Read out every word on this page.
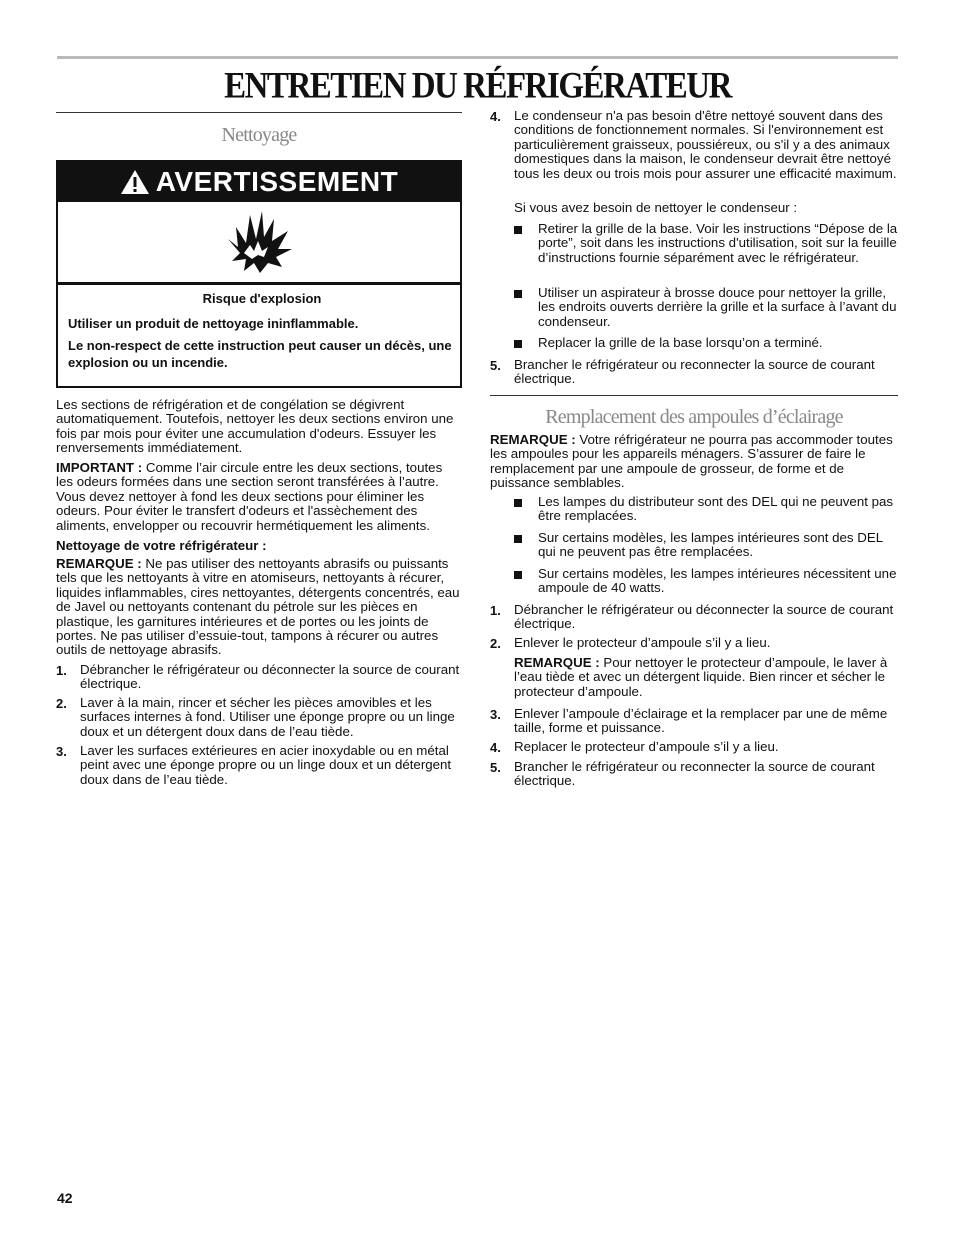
ENTRETIEN DU RÉFRIGÉRATEUR
Nettoyage
AVERTISSEMENT
Risque d'explosion
Utiliser un produit de nettoyage ininflammable.
Le non-respect de cette instruction peut causer un décès, une explosion ou un incendie.

Les sections de réfrigération et de congélation se dégivrent automatiquement. Toutefois, nettoyer les deux sections environ une fois par mois pour éviter une accumulation d'odeurs. Essuyer les renversements immédiatement.

IMPORTANT : Comme l’air circule entre les deux sections, toutes les odeurs formées dans une section seront transférées à l’autre. Vous devez nettoyer à fond les deux sections pour éliminer les odeurs. Pour éviter le transfert d'odeurs et l'assèchement des aliments, envelopper ou recouvrir hermétiquement les aliments.

Nettoyage de votre réfrigérateur :

REMARQUE : Ne pas utiliser des nettoyants abrasifs ou puissants tels que les nettoyants à vitre en atomiseurs, nettoyants à récurer, liquides inflammables, cires nettoyantes, détergents concentrés, eau de Javel ou nettoyants contenant du pétrole sur les pièces en plastique, les garnitures intérieures et de portes ou les joints de portes. Ne pas utiliser d’essuie-tout, tampons à récurer ou autres outils de nettoyage abrasifs.

1. Débrancher le réfrigérateur ou déconnecter la source de courant électrique.

2. Laver à la main, rincer et sécher les pièces amovibles et les surfaces internes à fond. Utiliser une éponge propre ou un linge doux et un détergent doux dans de l’eau tiède.

3. Laver les surfaces extérieures en acier inoxydable ou en métal peint avec une éponge propre ou un linge doux et un détergent doux dans de l’eau tiède.

4. Le condenseur n'a pas besoin d'être nettoyé souvent dans des conditions de fonctionnement normales. Si l'environnement est particulièrement graisseux, poussiéreux, ou s'il y a des animaux domestiques dans la maison, le condenseur devrait être nettoyé tous les deux ou trois mois pour assurer une efficacité maximum.

Si vous avez besoin de nettoyer le condenseur :

Retirer la grille de la base. Voir les instructions “Dépose de la porte”, soit dans les instructions d'utilisation, soit sur la feuille d’instructions fournie séparément avec le réfrigérateur.

Utiliser un aspirateur à brosse douce pour nettoyer la grille, les endroits ouverts derrière la grille et la surface à l’avant du condenseur.

Replacer la grille de la base lorsqu’on a terminé.

5. Brancher le réfrigérateur ou reconnecter la source de courant électrique.

Remplacement des ampoules d’éclairage

REMARQUE : Votre réfrigérateur ne pourra pas accommoder toutes les ampoules pour les appareils ménagers. S’assurer de faire le remplacement par une ampoule de grosseur, de forme et de puissance semblables.

Les lampes du distributeur sont des DEL qui ne peuvent pas être remplacées.

Sur certains modèles, les lampes intérieures sont des DEL qui ne peuvent pas être remplacées.

Sur certains modèles, les lampes intérieures nécessitent une ampoule de 40 watts.

1. Débrancher le réfrigérateur ou déconnecter la source de courant électrique.

2. Enlever le protecteur d’ampoule s’il y a lieu.

REMARQUE : Pour nettoyer le protecteur d’ampoule, le laver à l’eau tiède et avec un détergent liquide. Bien rincer et sécher le protecteur d’ampoule.

3. Enlever l’ampoule d’éclairage et la remplacer par une de même taille, forme et puissance.

4. Replacer le protecteur d’ampoule s’il y a lieu.

5. Brancher le réfrigérateur ou reconnecter la source de courant électrique.

42
